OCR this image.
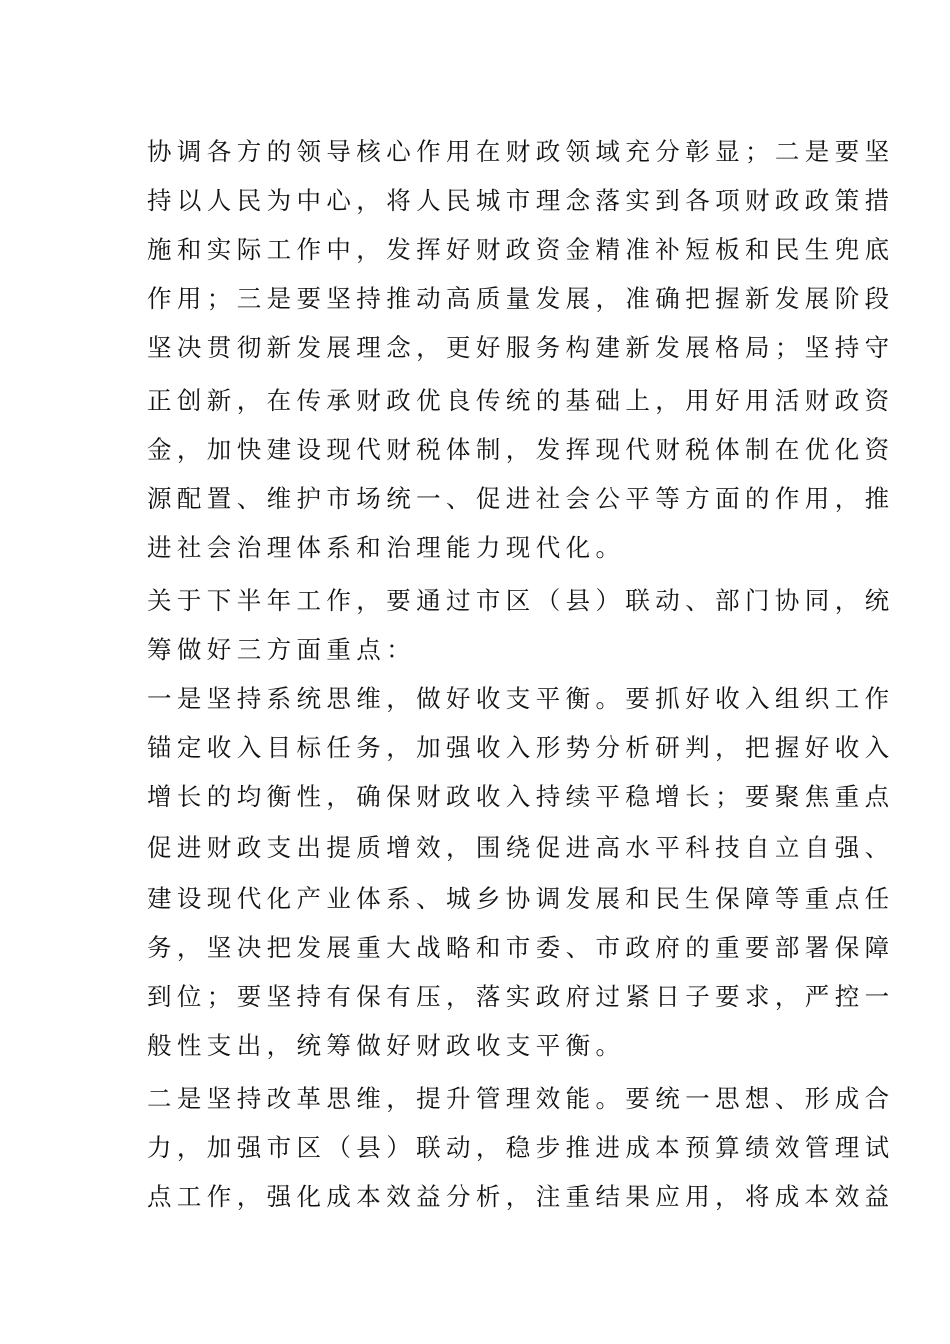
协调各方的领导核心作用在财政领域充分彰显；二是要坚
持以人民为中心，将人民城市理念落实到各项财政政策措
施和实际工作中，发挥好财政资金精准补短板和民生兜底
作用；三是要坚持推动高质量发展，准确把握新发展阶段
坚决贯彻新发展理念，更好服务构建新发展格局；坚持守
正创新，在传承财政优良传统的基础上，用好用活财政资
金，加快建设现代财税体制，发挥现代财税体制在优化资
源配置、维护市场统一、促进社会公平等方面的作用，推
进社会治理体系和治理能力现代化。
关于下半年工作，要通过市区（县）联动、部门协同，统
筹做好三方面重点：
一是坚持系统思维，做好收支平衡。要抓好收入组织工作
锚定收入目标任务，加强收入形势分析研判，把握好收入
增长的均衡性，确保财政收入持续平稳增长；要聚焦重点
促进财政支出提质增效，围绕促进高水平科技自立自强、
建设现代化产业体系、城乡协调发展和民生保障等重点任
务，坚决把发展重大战略和市委、市政府的重要部署保障
到位；要坚持有保有压，落实政府过紧日子要求，严控一
般性支出，统筹做好财政收支平衡。
二是坚持改革思维，提升管理效能。要统一思想、形成合
力，加强市区（县）联动，稳步推进成本预算绩效管理试
点工作，强化成本效益分析，注重结果应用，将成本效益
